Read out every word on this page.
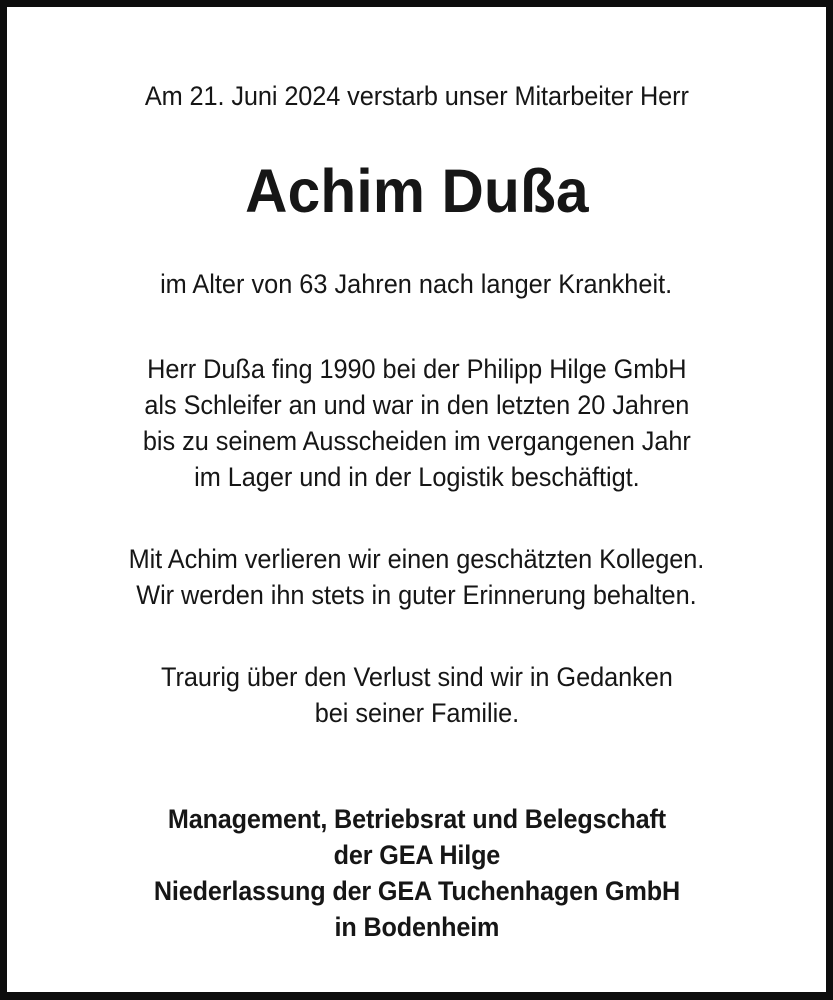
Am 21. Juni 2024 verstarb unser Mitarbeiter Herr
Achim Dußa
im Alter von 63 Jahren nach langer Krankheit.
Herr Dußa fing 1990 bei der Philipp Hilge GmbH
als Schleifer an und war in den letzten 20 Jahren
bis zu seinem Ausscheiden im vergangenen Jahr
im Lager und in der Logistik beschäftigt.
Mit Achim verlieren wir einen geschätzten Kollegen.
Wir werden ihn stets in guter Erinnerung behalten.
Traurig über den Verlust sind wir in Gedanken
bei seiner Familie.
Management, Betriebsrat und Belegschaft
der GEA Hilge
Niederlassung der GEA Tuchenhagen GmbH
in Bodenheim
